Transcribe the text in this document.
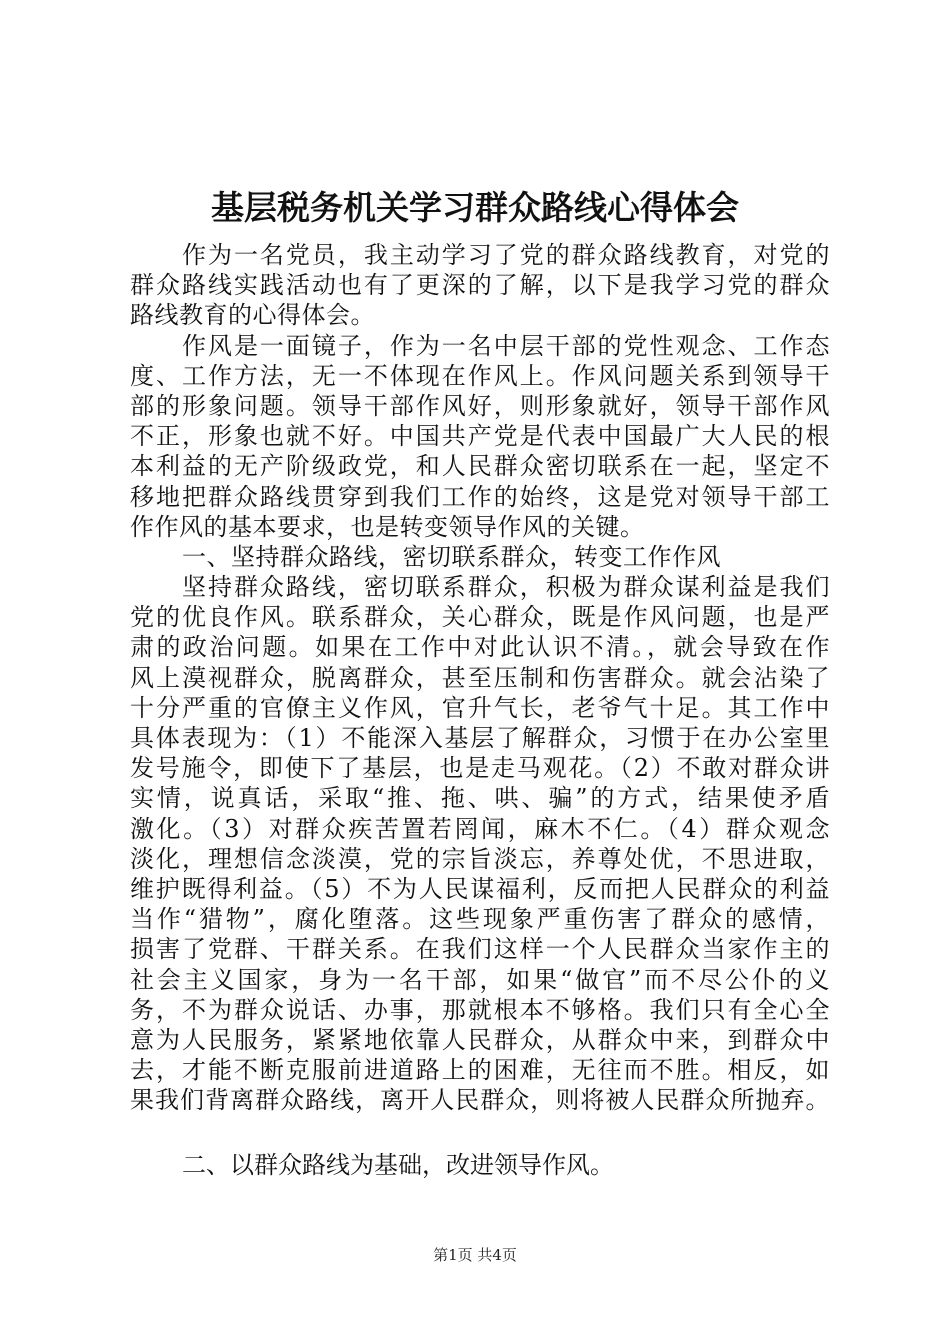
基层税务机关学习群众路线心得体会
作为一名党员，我主动学习了党的群众路线教育，对党的
群众路线实践活动也有了更深的了解，以下是我学习党的群众
路线教育的心得体会。
作风是一面镜子，作为一名中层干部的党性观念、工作态
度、工作方法，无一不体现在作风上。作风问题关系到领导干
部的形象问题。领导干部作风好，则形象就好，领导干部作风
不正，形象也就不好。中国共产党是代表中国最广大人民的根
本利益的无产阶级政党，和人民群众密切联系在一起，坚定不
移地把群众路线贯穿到我们工作的始终，这是党对领导干部工
作作风的基本要求，也是转变领导作风的关键。
一、坚持群众路线，密切联系群众，转变工作作风
坚持群众路线，密切联系群众，积极为群众谋利益是我们
党的优良作风。联系群众，关心群众，既是作风问题，也是严
肃的政治问题。如果在工作中对此认识不清。，就会导致在作
风上漠视群众，脱离群众，甚至压制和伤害群众。就会沾染了
十分严重的官僚主义作风，官升气长，老爷气十足。其工作中
具体表现为：（1）不能深入基层了解群众，习惯于在办公室里
发号施令，即使下了基层，也是走马观花。（2）不敢对群众讲
实情，说真话，采取“推、拖、哄、骗”的方式，结果使矛盾
激化。（3）对群众疾苦置若罔闻，麻木不仁。（4）群众观念
淡化，理想信念淡漠，党的宗旨淡忘，养尊处优，不思进取，
维护既得利益。（5）不为人民谋福利，反而把人民群众的利益
当作“猎物”，腐化堕落。这些现象严重伤害了群众的感情，
损害了党群、干群关系。在我们这样一个人民群众当家作主的
社会主义国家，身为一名干部，如果“做官”而不尽公仆的义
务，不为群众说话、办事，那就根本不够格。我们只有全心全
意为人民服务，紧紧地依靠人民群众，从群众中来，到群众中
去，才能不断克服前进道路上的困难，无往而不胜。相反，如
果我们背离群众路线，离开人民群众，则将被人民群众所抛弃。
二、以群众路线为基础，改进领导作风。
第1页 共4页
